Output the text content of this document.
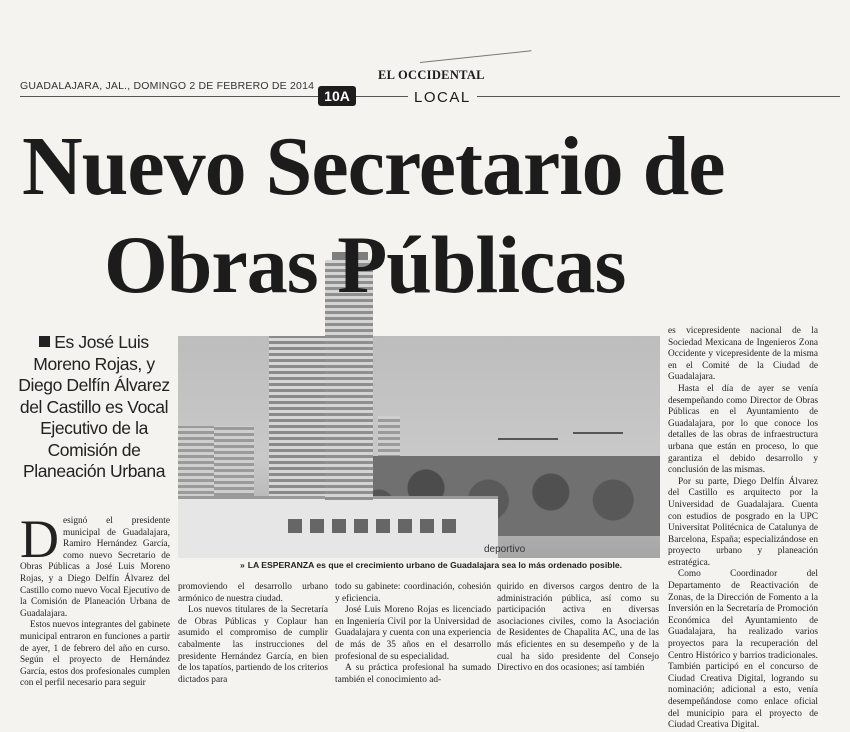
GUADALAJARA, JAL., DOMINGO 2 DE FEBRERO DE 2014
EL OCCIDENTAL
10A	LOCAL
Nuevo Secretario de
Obras Públicas
deportivo
» LA ESPERANZA es que el crecimiento urbano de Guadalajara sea lo más ordenado posible.
Es José Luis Moreno Rojas, y Diego Delfín Álvarez del Castillo es Vocal Ejecutivo de la Comisión de Planeación Urbana

Designó el presidente municipal de Guadalajara, Ramiro Hernández García, como nuevo Secretario de Obras Públicas a José Luis Moreno Rojas, y a Diego Delfín Álvarez del Castillo como nuevo Vocal Ejecutivo de la Comisión de Planeación Urbana de Guadalajara.

Estos nuevos integrantes del gabinete municipal entraron en funciones a partir de ayer, 1 de febrero del año en curso. Según el proyecto de Hernández García, estos dos profesionales cumplen con el perfil necesario para seguir

promoviendo el desarrollo urbano armónico de nuestra ciudad.

Los nuevos titulares de la Secretaría de Obras Públicas y Coplaur han asumido el compromiso de cumplir cabalmente las instrucciones del presidente Hernández García, en bien de los tapatíos, partiendo de los criterios dictados para

todo su gabinete: coordinación, cohesión y eficiencia.

José Luis Moreno Rojas es licenciado en Ingeniería Civil por la Universidad de Guadalajara y cuenta con una experiencia de más de 35 años en el desarrollo profesional de su especialidad.

A su práctica profesional ha sumado también el conocimiento ad-

quirido en diversos cargos dentro de la administración pública, así como su participación activa en diversas asociaciones civiles, como la Asociación de Residentes de Chapalita AC, una de las más eficientes en su desempeño y de la cual ha sido presidente del Consejo Directivo en dos ocasiones; así también

es vicepresidente nacional de la Sociedad Mexicana de Ingenieros Zona Occidente y vicepresidente de la misma en el Comité de la Ciudad de Guadalajara.

Hasta el día de ayer se venía desempeñando como Director de Obras Públicas en el Ayuntamiento de Guadalajara, por lo que conoce los detalles de las obras de infraestructura urbana que están en proceso, lo que garantiza el debido desarrollo y conclusión de las mismas.

Por su parte, Diego Delfín Álvarez del Castillo es arquitecto por la Universidad de Guadalajara. Cuenta con estudios de posgrado en la UPC Universitat Politécnica de Catalunya de Barcelona, España; especializándose en proyecto urbano y planeación estratégica.

Como Coordinador del Departamento de Reactivación de Zonas, de la Dirección de Fomento a la Inversión en la Secretaría de Promoción Económica del Ayuntamiento de Guadalajara, ha realizado varios proyectos para la recuperación del Centro Histórico y barrios tradicionales. También participó en el concurso de Ciudad Creativa Digital, logrando su nominación; adicional a esto, venía desempeñándose como enlace oficial del municipio para el proyecto de Ciudad Creativa Digital.
